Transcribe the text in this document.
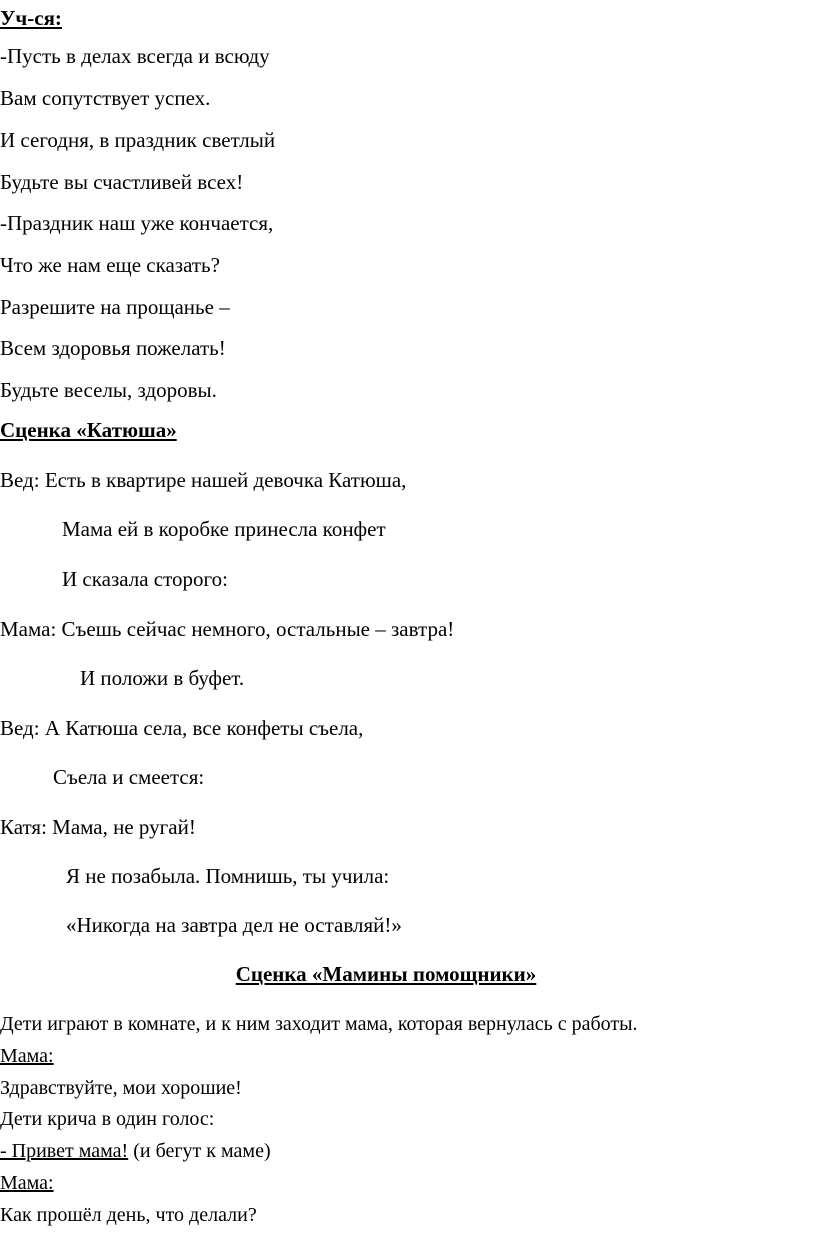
Уч-ся:
-Пусть в делах всегда и всюду
Вам сопутствует успех.
И сегодня, в праздник светлый
Будьте вы счастливей всех!
-Праздник наш уже кончается,
Что же нам еще сказать?
Разрешите на прощанье –
Всем здоровья пожелать!
Будьте веселы, здоровы.
Сценка «Катюша»
Вед: Есть в квартире нашей девочка Катюша,
Мама ей в коробке принесла конфет
И сказала сторого:
Мама: Съешь сейчас немного, остальные – завтра!
И положи в буфет.
Вед: А Катюша села, все конфеты съела,
Съела и смеется:
Катя: Мама, не ругай!
Я не позабыла. Помнишь, ты учила:
«Никогда на завтра дел не оставляй!»
Сценка «Мамины помощники»
Дети играют в комнате, и к ним заходит мама, которая вернулась с работы.
Мама:
Здравствуйте, мои хорошие!
Дети крича в один голос:
- Привет мама! (и бегут к маме)
Мама:
Как прошёл день, что делали?
